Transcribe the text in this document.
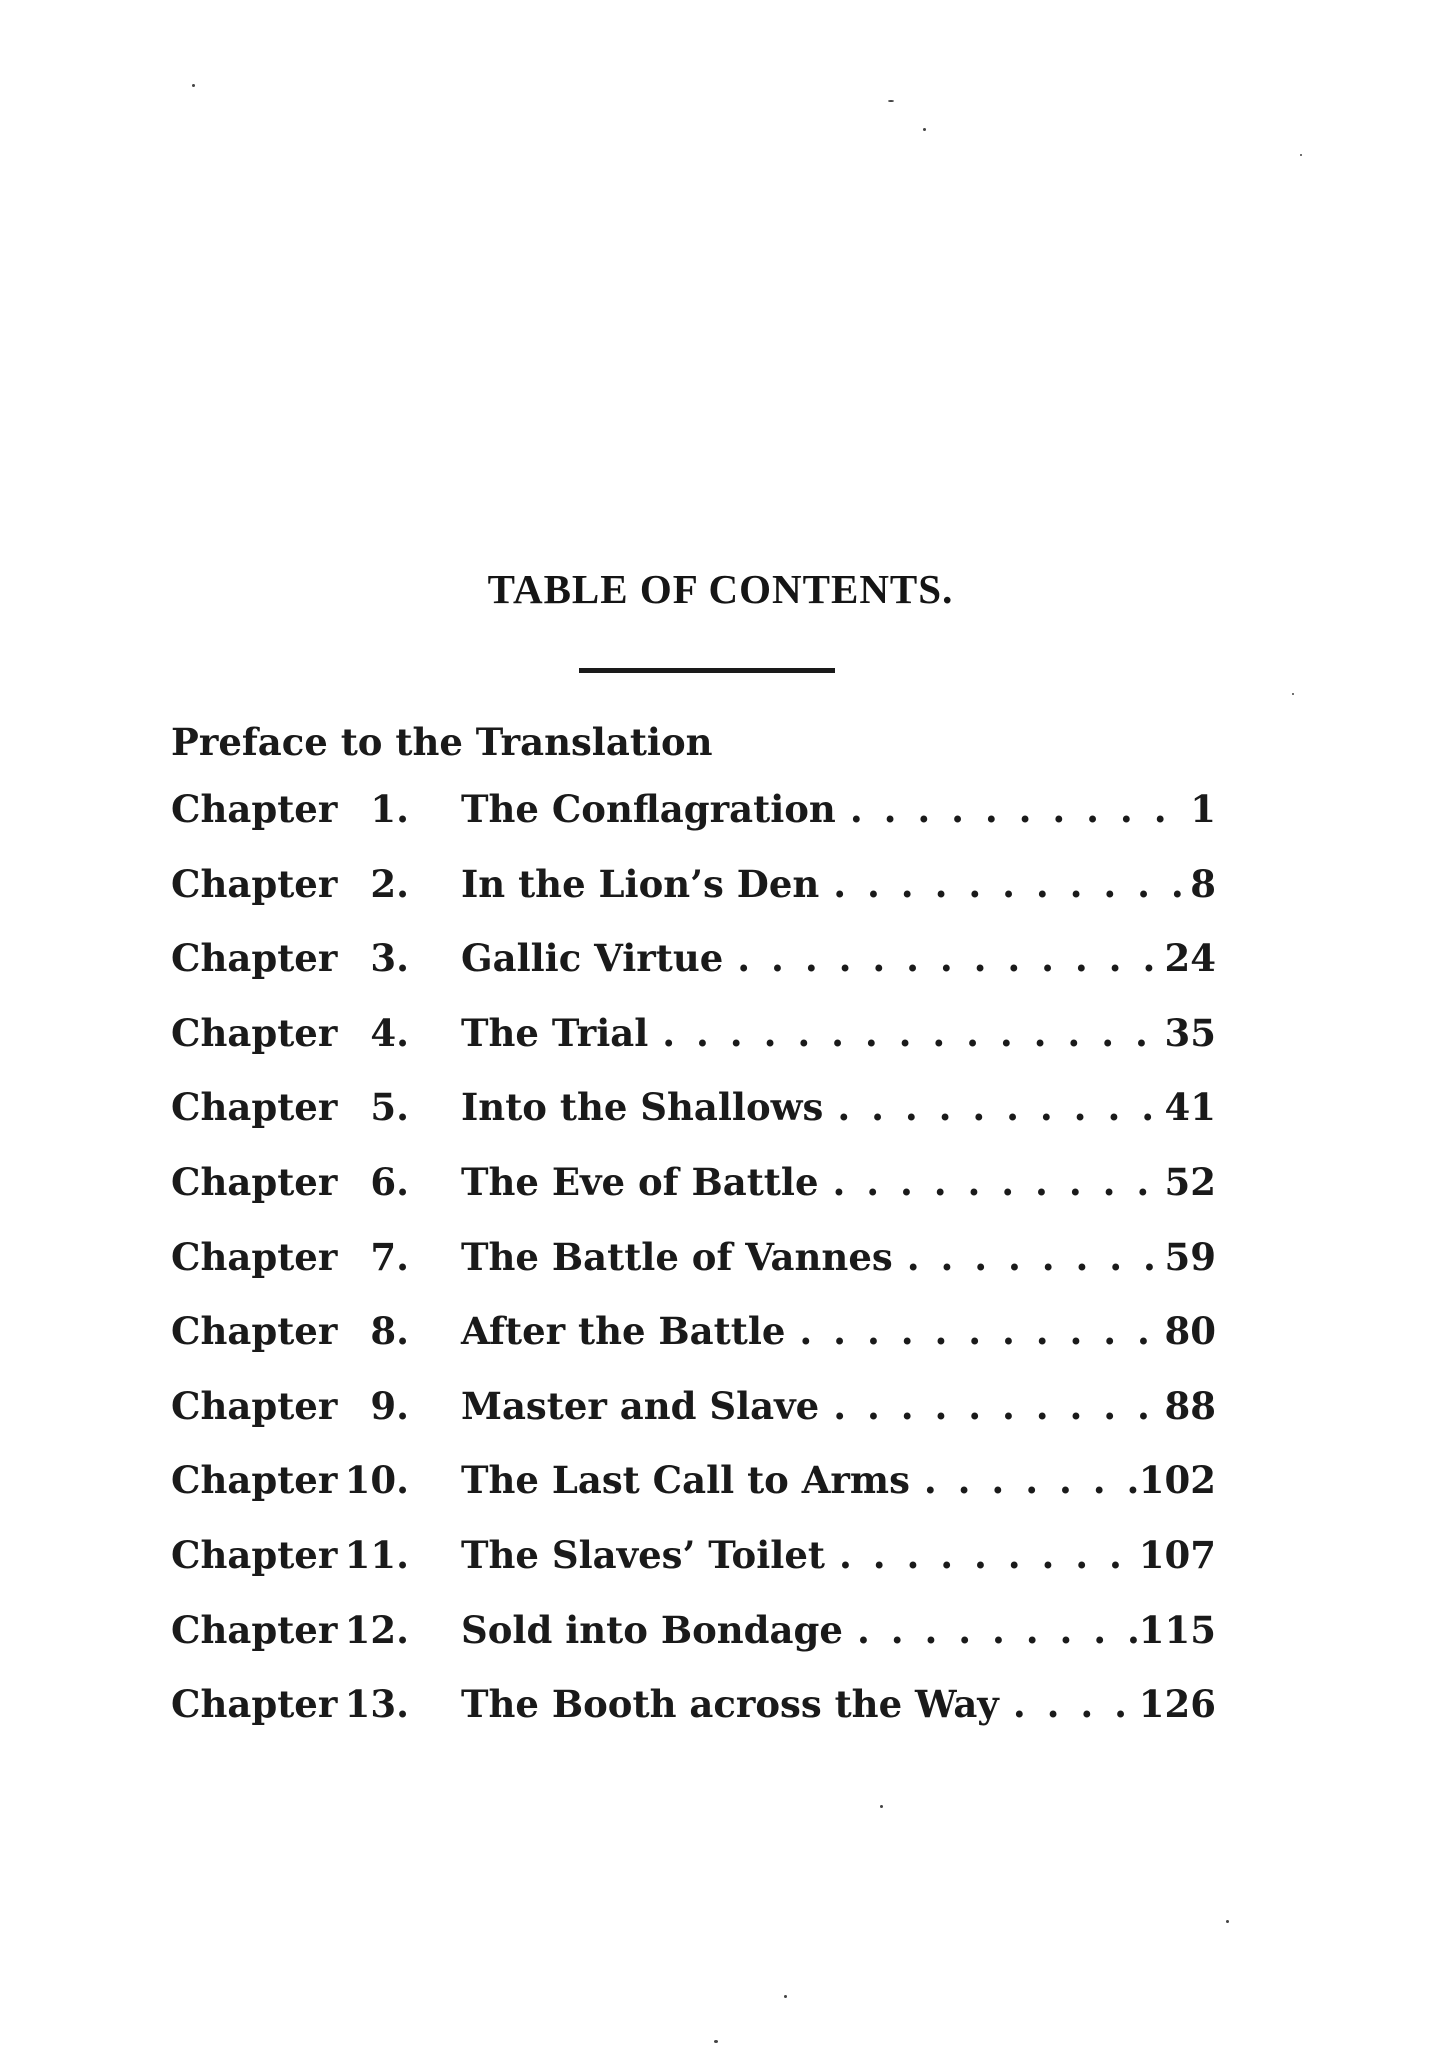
TABLE OF CONTENTS.
Preface to the Translation
Chapter 1.	The Conflagration . . .	1
Chapter 2.	In the Lion’s Den . . .	8
Chapter 3.	Gallic Virtue . . .	24
Chapter 4.	The Trial . . .	35
Chapter 5.	Into the Shallows . . .	41
Chapter 6.	The Eve of Battle . . .	52
Chapter 7.	The Battle of Vannes . . .	59
Chapter 8.	After the Battle . . .	80
Chapter 9.	Master and Slave . . .	88
Chapter 10.	The Last Call to Arms . . .	102
Chapter 11.	The Slaves’ Toilet . . .	107
Chapter 12.	Sold into Bondage . . .	115
Chapter 13.	The Booth across the Way . . .	126
